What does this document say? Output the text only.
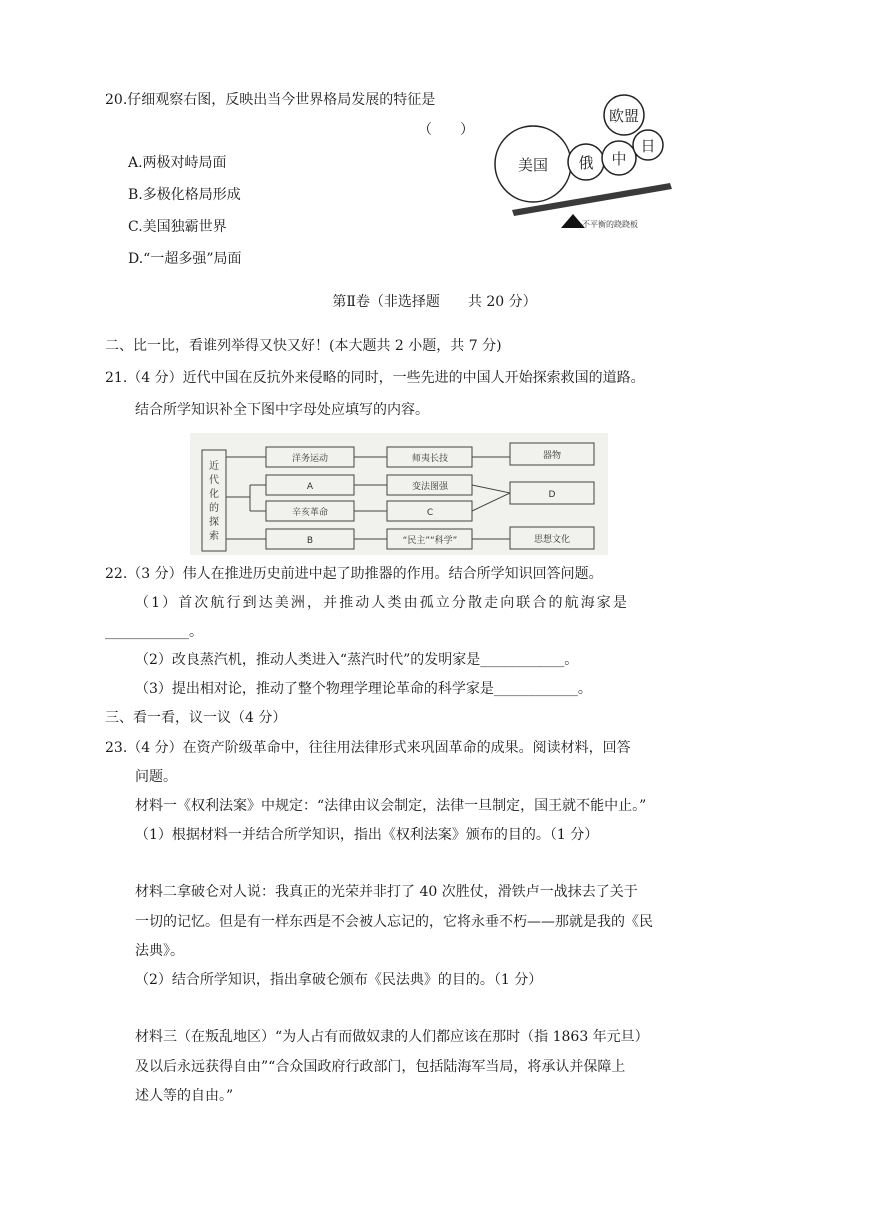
20.仔细观察右图，反映出当今世界格局发展的特征是
（　　）
A.两极对峙局面
B.多极化格局形成
C.美国独霸世界
D.“一超多强”局面
美国 俄 中
欧盟
日
不平衡的跷跷板
第Ⅱ卷（非选择题　　共 20 分）
二、比一比，看谁列举得又快又好！(本大题共 2 小题，共 7 分)
21.（4 分）近代中国在反抗外来侵略的同时，一些先进的中国人开始探索救国的道路。
结合所学知识补全下图中字母处应填写的内容。
近代化的探索
洋务运动	师夷长技	器物
A	变法图强
辛亥革命	C
D
B	“民主”“科学”	思想文化
22.（3 分）伟人在推进历史前进中起了助推器的作用。结合所学知识回答问题。
（1）首次航行到达美洲，并推动人类由孤立分散走向联合的航海家是
____________。
（2）改良蒸汽机，推动人类进入“蒸汽时代”的发明家是____________。
（3）提出相对论，推动了整个物理学理论革命的科学家是____________。
三、看一看，议一议（4 分）
23.（4 分）在资产阶级革命中，往往用法律形式来巩固革命的成果。阅读材料，回答
问题。
材料一《权利法案》中规定：“法律由议会制定，法律一旦制定，国王就不能中止。”
（1）根据材料一并结合所学知识，指出《权利法案》颁布的目的。（1 分）
材料二拿破仑对人说：我真正的光荣并非打了 40 次胜仗，滑铁卢一战抹去了关于
一切的记忆。但是有一样东西是不会被人忘记的，它将永垂不朽——那就是我的《民
法典》。
（2）结合所学知识，指出拿破仑颁布《民法典》的目的。（1 分）
材料三（在叛乱地区）“为人占有而做奴隶的人们都应该在那时（指 1863 年元旦）
及以后永远获得自由”“合众国政府行政部门，包括陆海军当局，将承认并保障上
述人等的自由。”
